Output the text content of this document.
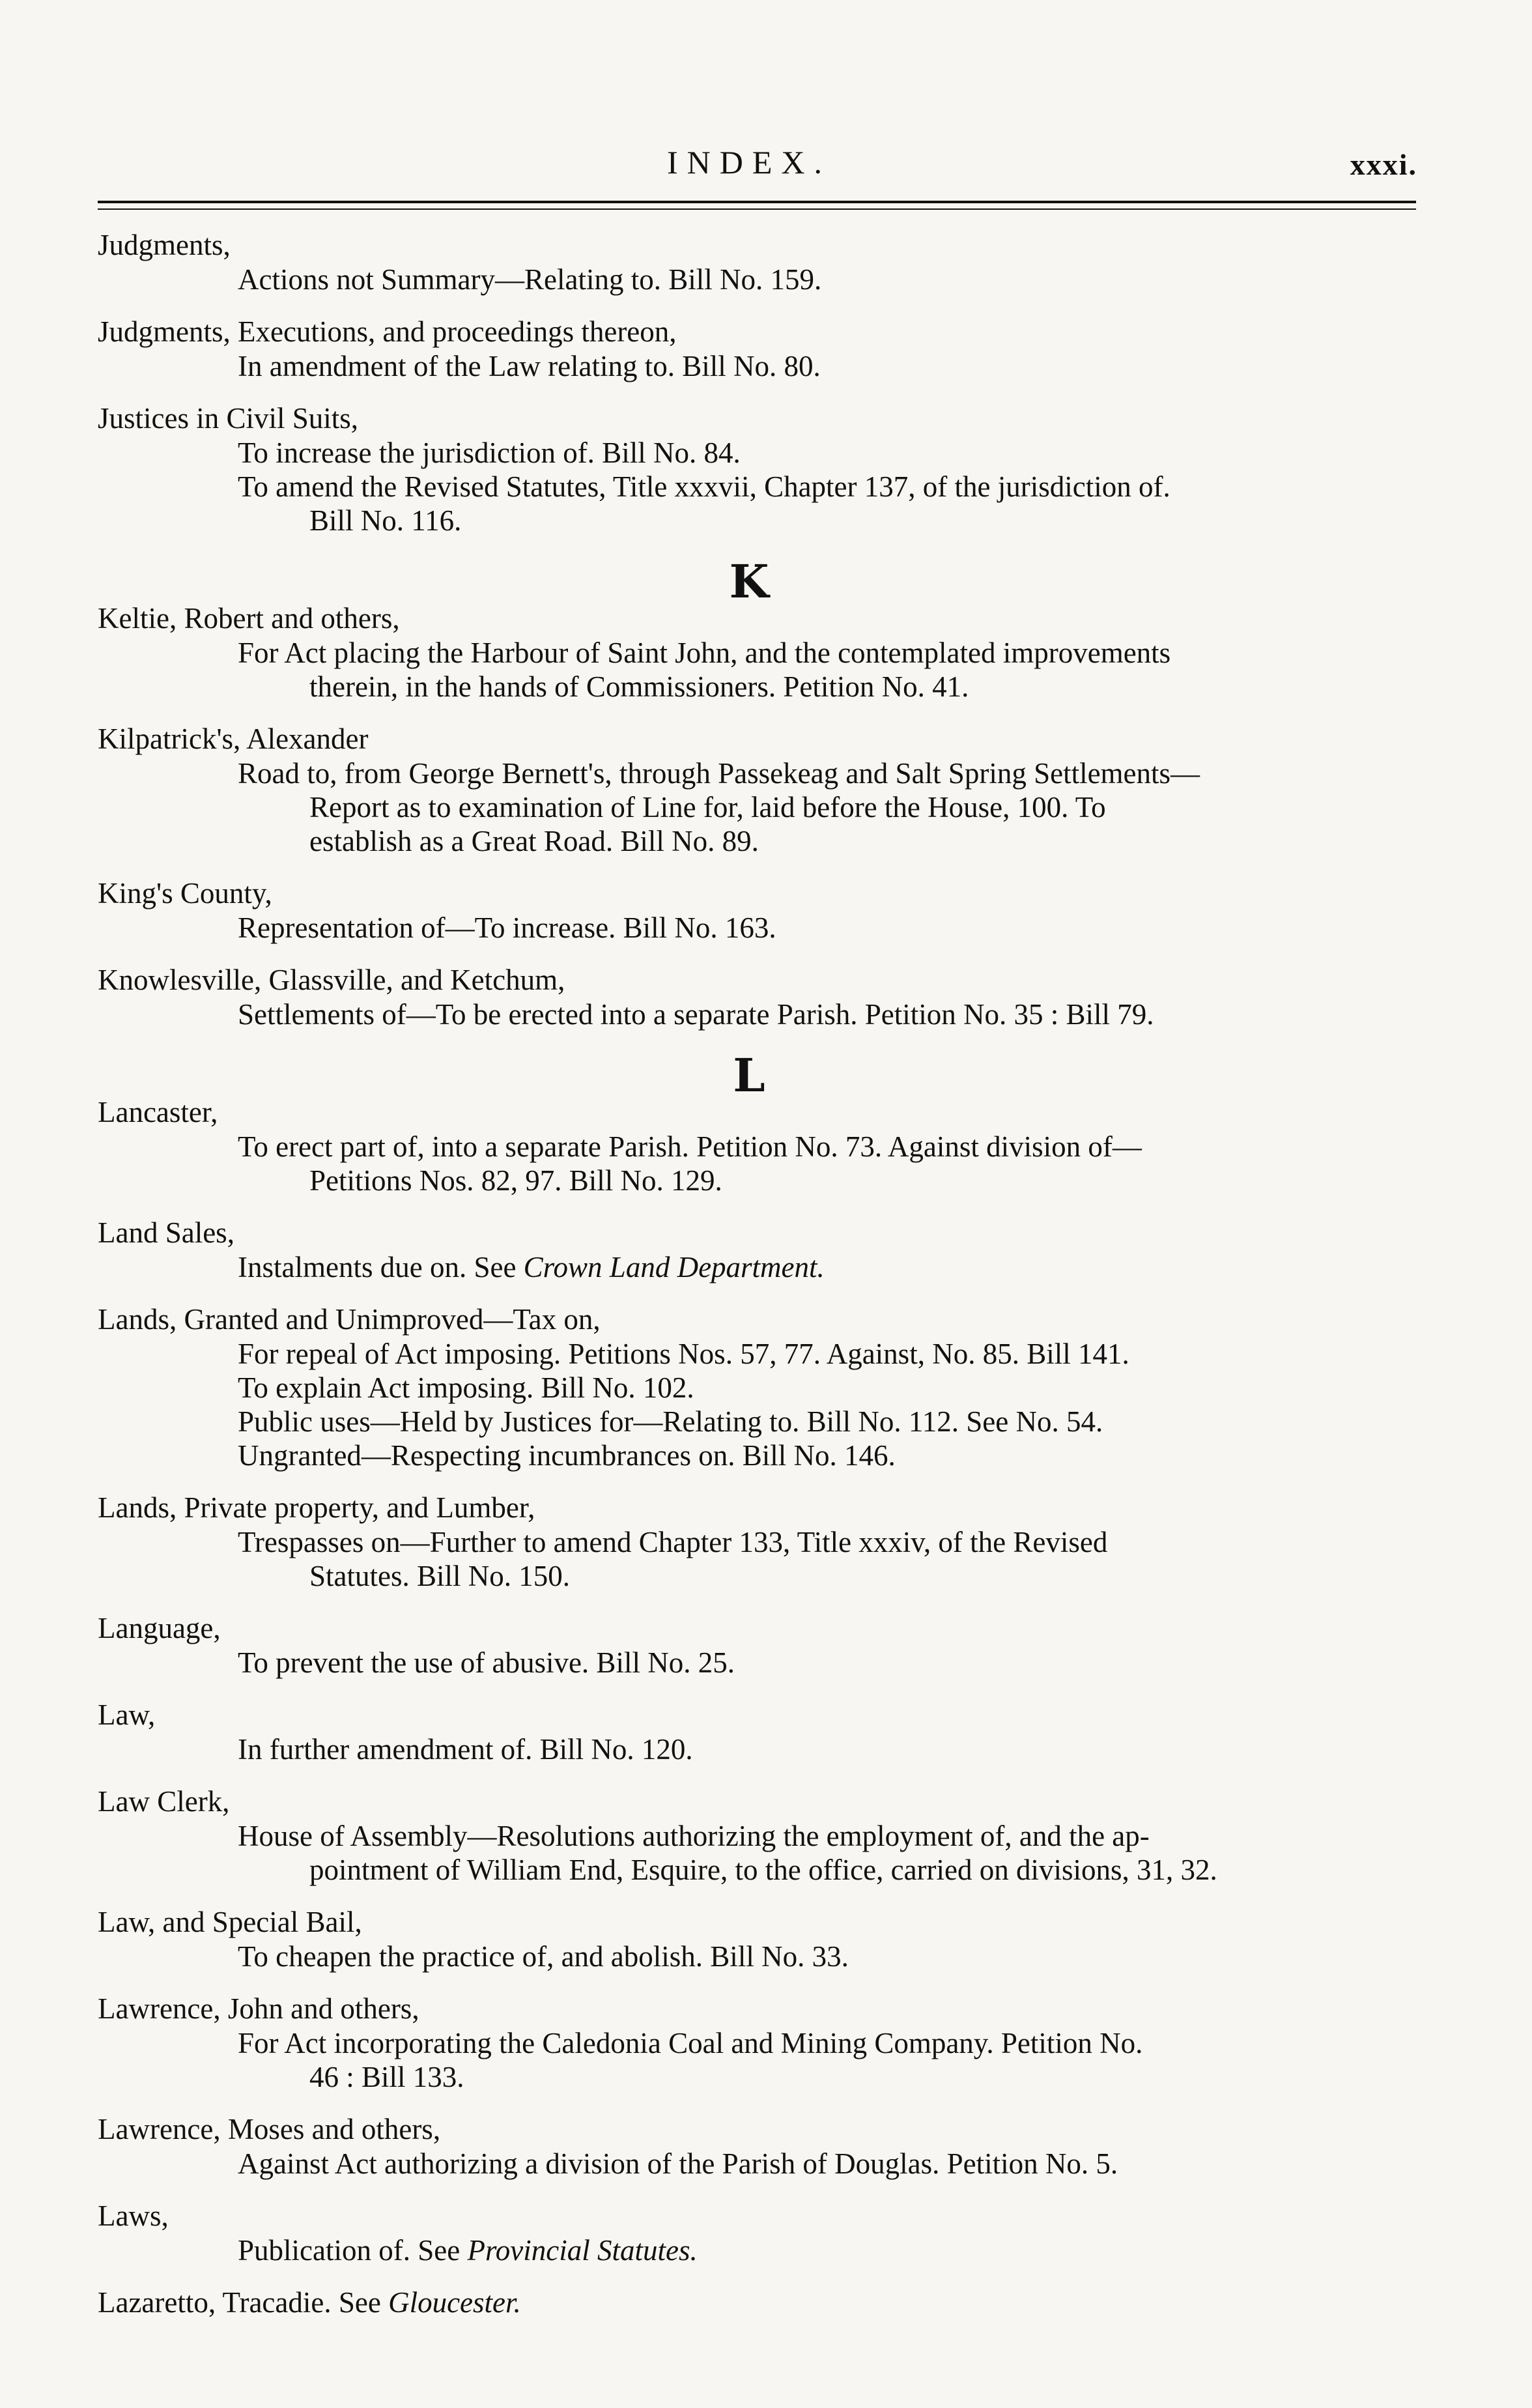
INDEX.	xxxi.
Judgments,
Actions not Summary—Relating to. Bill No. 159.
Judgments, Executions, and proceedings thereon,
In amendment of the Law relating to. Bill No. 80.
Justices in Civil Suits,
To increase the jurisdiction of. Bill No. 84.
To amend the Revised Statutes, Title xxxvii, Chapter 137, of the jurisdiction of.
Bill No. 116.
K
Keltie, Robert and others,
For Act placing the Harbour of Saint John, and the contemplated improvements
therein, in the hands of Commissioners. Petition No. 41.
Kilpatrick's, Alexander
Road to, from George Bernett's, through Passekeag and Salt Spring Settlements—
Report as to examination of Line for, laid before the House, 100. To
establish as a Great Road. Bill No. 89.
King's County,
Representation of—To increase. Bill No. 163.
Knowlesville, Glassville, and Ketchum,
Settlements of—To be erected into a separate Parish. Petition No. 35 : Bill 79.
L
Lancaster,
To erect part of, into a separate Parish. Petition No. 73. Against division of—
Petitions Nos. 82, 97. Bill No. 129.
Land Sales,
Instalments due on. See Crown Land Department.
Lands, Granted and Unimproved—Tax on,
For repeal of Act imposing. Petitions Nos. 57, 77. Against, No. 85. Bill 141.
To explain Act imposing. Bill No. 102.
Public uses—Held by Justices for—Relating to. Bill No. 112. See No. 54.
Ungranted—Respecting incumbrances on. Bill No. 146.
Lands, Private property, and Lumber,
Trespasses on—Further to amend Chapter 133, Title xxxiv, of the Revised
Statutes. Bill No. 150.
Language,
To prevent the use of abusive. Bill No. 25.
Law,
In further amendment of. Bill No. 120.
Law Clerk,
House of Assembly—Resolutions authorizing the employment of, and the ap-
pointment of William End, Esquire, to the office, carried on divisions, 31, 32.
Law, and Special Bail,
To cheapen the practice of, and abolish. Bill No. 33.
Lawrence, John and others,
For Act incorporating the Caledonia Coal and Mining Company. Petition No.
46 : Bill 133.
Lawrence, Moses and others,
Against Act authorizing a division of the Parish of Douglas. Petition No. 5.
Laws,
Publication of. See Provincial Statutes.
Lazaretto, Tracadie. See Gloucester.
